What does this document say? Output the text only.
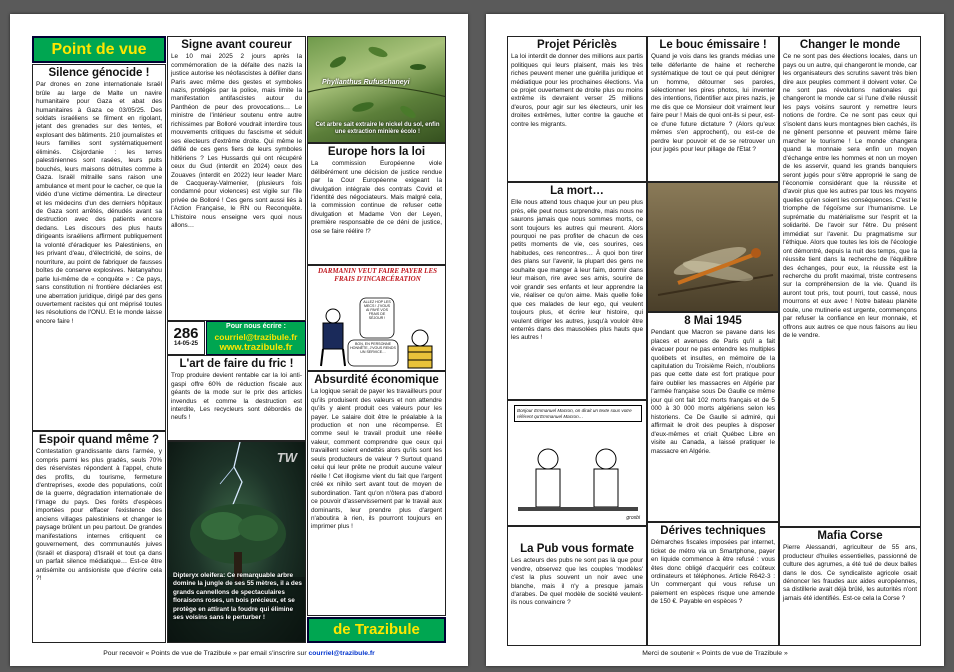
Point de vue
Silence génocide !
Par drones en zone internationale Israël brûle au large de Malte un navire humanitaire pour Gaza et abat des humanitaires à Gaza ce 03/05/25. Des soldats israéliens se filment en rigolant, jetant des grenades sur des tentes, et explosant des bâtiments. 210 journalistes et leurs familles sont systématiquement éliminés. Cisjordanie : les terres palestiniennes sont rasées, leurs puits bouchés, leurs maisons détruites comme à Gaza. Israël mitraille sans raison une ambulance et ment pour le cacher, ce que la vidéo d'une victime démentira. Le directeur et les médecins d'un des derniers hôpitaux de Gaza sont arrêtés, dénudés avant sa destruction avec des patients encore dedans. Les discours des plus hauts dirigeants israéliens affirment publiquement la volonté d'éradiquer les Palestiniens, en les privant d'eau, d'électricité, de soins, de nourriture, au point de fabriquer de fausses boîtes de conserve explosives. Netanyahou parle lui-même de « conquête » : Ce pays, sans constitution ni frontière déclarées est une aberration juridique, dirigé par des gens ouvertement racistes qui ont méprisé toutes les résolutions de l'ONU. Et le monde laisse encore faire !
Espoir quand même ?
Contestation grandissante dans l'armée, y compris parmi les plus gradés, seuls 70% des réservistes répondent à l'appel, chute des profits, du tourisme, fermeture d'entreprises, exode des populations, coût de la guerre, dégradation internationale de l'image du pays. Des forêts d'espèces importées pour effacer l'existence des anciens villages palestiniens et changer le paysage brûlent un peu partout. De grandes manifestations internes critiquent ce gouvernement, des communautés juives (Israël et diaspora) d'Israël et tout ça dans un parfait silence médiatique… Est-ce être antisémite ou antisioniste que d'écrire cela ?!
Signe avant coureur
Le 10 mai 2025 2 jours après la commémoration de la défaite des nazis la justice autorise les néofascistes à défiler dans Paris avec même des gestes et symboles nazis, protégés par la police, mais limite la manifestation antifascistes autour du Panthéon de peur des provocations… Le ministre de l'intérieur soutenu entre autre richissimes par Bolloré voudrait interdire tous mouvements critiques du fascisme et séduit ses électeurs d'extrême droite. Qui même le défilé de ces gens fiers de leurs symboles hitlériens ? Les Hussards qui ont récupéré ceux du Gud (interdit en 2024) ceux des Zouaves (interdit en 2022) leur leader Marc de Cacqueray-Valmenier, (plusieurs fois condamné pour violences) est vigile sur l'île privée de Bolloré ! Ces gens sont aussi liés à l'Action Française, le RN ou Reconquête. L'histoire nous enseigne vers quoi nous allons…
Phyllanthus Rufuschaneyi
Cet arbre sait extraire le nickel du sol, enfin une extraction minière écolo !
Europe hors la loi
La commission Européenne viole délibérément une décision de justice rendue par la Cour Européenne exigeant la divulgation intégrale des contrats Covid et l'identité des négociateurs. Mais malgré cela, la commission continue de refuser cette divulgation et Madame Von der Leyen, première responsable de ce déni de justice, ose se faire réélire !?
DARMANIN VEUT FAIRE PAYER LES FRAIS D'INCARCÉRATION
ALLEZ HOP LES MECS ! J'VOUS AI PAYÉ VOS FRAIS DE SÉJOUR !
BON, EN PERSONNE HONNÊTE, J'VOUS RENDS UN SERVICE…
286
14-05-25
Pour nous écrire :
courriel@trazibule.fr
www.trazibule.fr
L'art de faire du fric !
Trop produire devient rentable car la loi anti-gaspi offre 60% de réduction fiscale aux géants de la mode sur le prix des articles invendus et comme la destruction est interdite, Les recycleurs sont débordés de neufs !
TW
Dipteryx oleifera: Ce remarquable arbre domine la jungle de ses 55 mètres, il a des grands cannellons de spectaculaires floraisons roses, un bois précieux, et se protège en attirant la foudre qui élimine ses voisins sans le perturber !
Absurdité économique
La logique serait de payer les travailleurs pour qu'ils produisent des valeurs et non attendre qu'ils y aient produit ces valeurs pour les payer. Le salaire doit être le préalable à la production et non une récompense. Et comme seul le travail produit une réelle valeur, comment comprendre que ceux qui travaillent soient endettés alors qu'ils sont les seuls producteurs de valeur ? Surtout quand celui qui leur prête ne produit aucune valeur réelle ! Cet illogisme vient du fait que l'argent créé ex nihilo sert avant tout de moyen de subordination. Tant qu'on n'ôtera pas d'abord ce pouvoir d'asservissement par le travail aux dominants, leur prendre plus d'argent n'aboutira à rien, ils pourront toujours en imprimer plus !
de Trazibule
Pour recevoir « Points de vue de Trazibule » par email s'inscrire sur courriel@trazibule.fr
Projet Périclès
La loi interdit de donner des millions aux partis politiques qui leurs plaisent, mais les très riches peuvent mener une guérilla juridique et médiatique pour les prochaines élections. Via ce projet ouvertement de droite plus ou moins extrême ils devraient verser 25 millions d'euros, pour agir sur les électeurs, unir les droites extrêmes, lutter contre la gauche et contre les migrants.
Le bouc émissaire !
Quand je vois dans les grands médias une telle déferlante de haine et recherche systématique de tout ce qui peut dénigrer un homme, détourner ses paroles, sélectionner les pires photos, lui inventer des intentions, l'identifier aux pires nazis, je me dis que ce Monsieur doit vraiment leur faire peur ! Mais de quoi ont-ils si peur, est-ce d'une future dictature ? (Alors qu'eux mêmes s'en approchent), ou est-ce de perdre leur pouvoir et de se retrouver un jour jugés pour leur pillage de l'Etat ?
Changer le monde
Ce ne sont pas des élections locales, dans un pays ou un autre, qui changeront le monde, car les organisateurs des scrutins savent très bien dire aux peuples comment il doivent voter. Ce ne sont pas révolutions nationales qui changeront le monde car si l'une d'elle réussit les pays voisins sauront y remettre leurs notions de l'ordre. Ce ne sont pas ceux qui s'isolent dans leurs montagnes bien cachés, ils ne gênent personne et peuvent même faire marcher le tourisme ! Le monde changera quand la monnaie sera enfin un moyen d'échange entre les hommes et non un moyen de les asservir, quand les grands banquiers seront jugés pour s'être approprié le sang de l'économie considérant que la réussite et d'avoir plus que les autres par tous les moyens quelles qu'en soient les conséquences. C'est le triomphe de l'égoïsme sur l'humanisme. Le suprématie du matérialisme sur l'esprit et la solidarité. De l'avoir sur l'être. Du présent immédiat sur l'avenir. Du pragmatisme sur l'éthique. Alors que toutes les lois de l'écologie ont démontré, depuis la nuit des temps, que la réussite tient dans la recherche de l'équilibre des échanges, pour eux, la réussite est la recherche du profit maximal, triste contresens sur la compréhension de la vie. Quand ils auront tout pris, tout pourri, tout cassé, nous mourrons et eux avec ! Notre bateau planète coule, une mutinerie est urgente, commençons par refuser la confiance en leur monnaie, et offrons aux autres ce que nous faisons au lieu de le vendre.
La mort…
Elle nous attend tous chaque jour un peu plus près, elle peut nous surprendre, mais nous ne saurons jamais que nous sommes morts, ce sont toujours les autres qui meurent. Alors pourquoi ne pas profiter de chacun de ces petits moments de vie, ces sourires, ces habitudes, ces rencontres… À quoi bon tirer des plans sur l'avenir, la plupart des gens ne souhaite que manger à leur faim, dormir dans leur maison, rire avec ses amis, sourire de voir grandir ses enfants et leur apprendre la vie, réaliser ce qu'on aime. Mais quelle folie que ces malades de leur ego, qui veulent toujours plus, et écrire leur histoire, qui veulent diriger les autres, jusqu'à vouloir être enterrés dans des mausolées plus hauts que les autres !
8 Mai 1945
Pendant que Macron se pavane dans les places et avenues de Paris qu'il a fait évacuer pour ne pas entendre les multiples quolibets et insultes, en mémoire de la capitulation du Troisième Reich, n'oublions pas que cette date est fort pratique pour faire oublier les massacres en Algérie par l'armée française sous De Gaulle ce même jour qui ont fait 102 morts français et de 5 000 à 30 000 morts algériens selon les historiens. Ce De Gaulle si admiré, qui affirmait le droit des peuples à disposer d'eux-mêmes et criait Québec Libre en visite au Canada, a laissé pratiquer le massacre en Algérie.
Bonjour Emmanuel Macron, on dirait un texte sous votre référent qu'Emmanuel Macron…
grosbi
La Pub vous formate
Les acteurs des pubs ne sont pas là que pour vendre, observez que les couples 'modèles' c'est la plus souvent un noir avec une blanche, mais il n'y a presque jamais d'arabes. De quel modèle de société veulent-ils nous convaincre ?
Dérives techniques
Démarches fiscales imposées par internet, ticket de métro via un Smartphone, payer en liquide commence à être refusé : vous êtes donc obligé d'acquérir ces coûteux ordinateurs et téléphones. Article R642-3 : Un commerçant qui vous refuse un paiement en espèces risque une amende de 150 €. Payable en espèces ?
Mafia Corse
Pierre Alessandri, agriculteur de 55 ans, producteur d'huiles essentielles, passionné de culture des agrumes, a été tué de deux balles dans le dos. Ce syndicaliste agricole osait dénoncer les fraudes aux aides européennes, sa distillerie avait déjà brûlé, les autorités n'ont jamais été identifiés. Est-ce cela la Corse ?
Merci de soutenir « Points de vue de Trazibule »
